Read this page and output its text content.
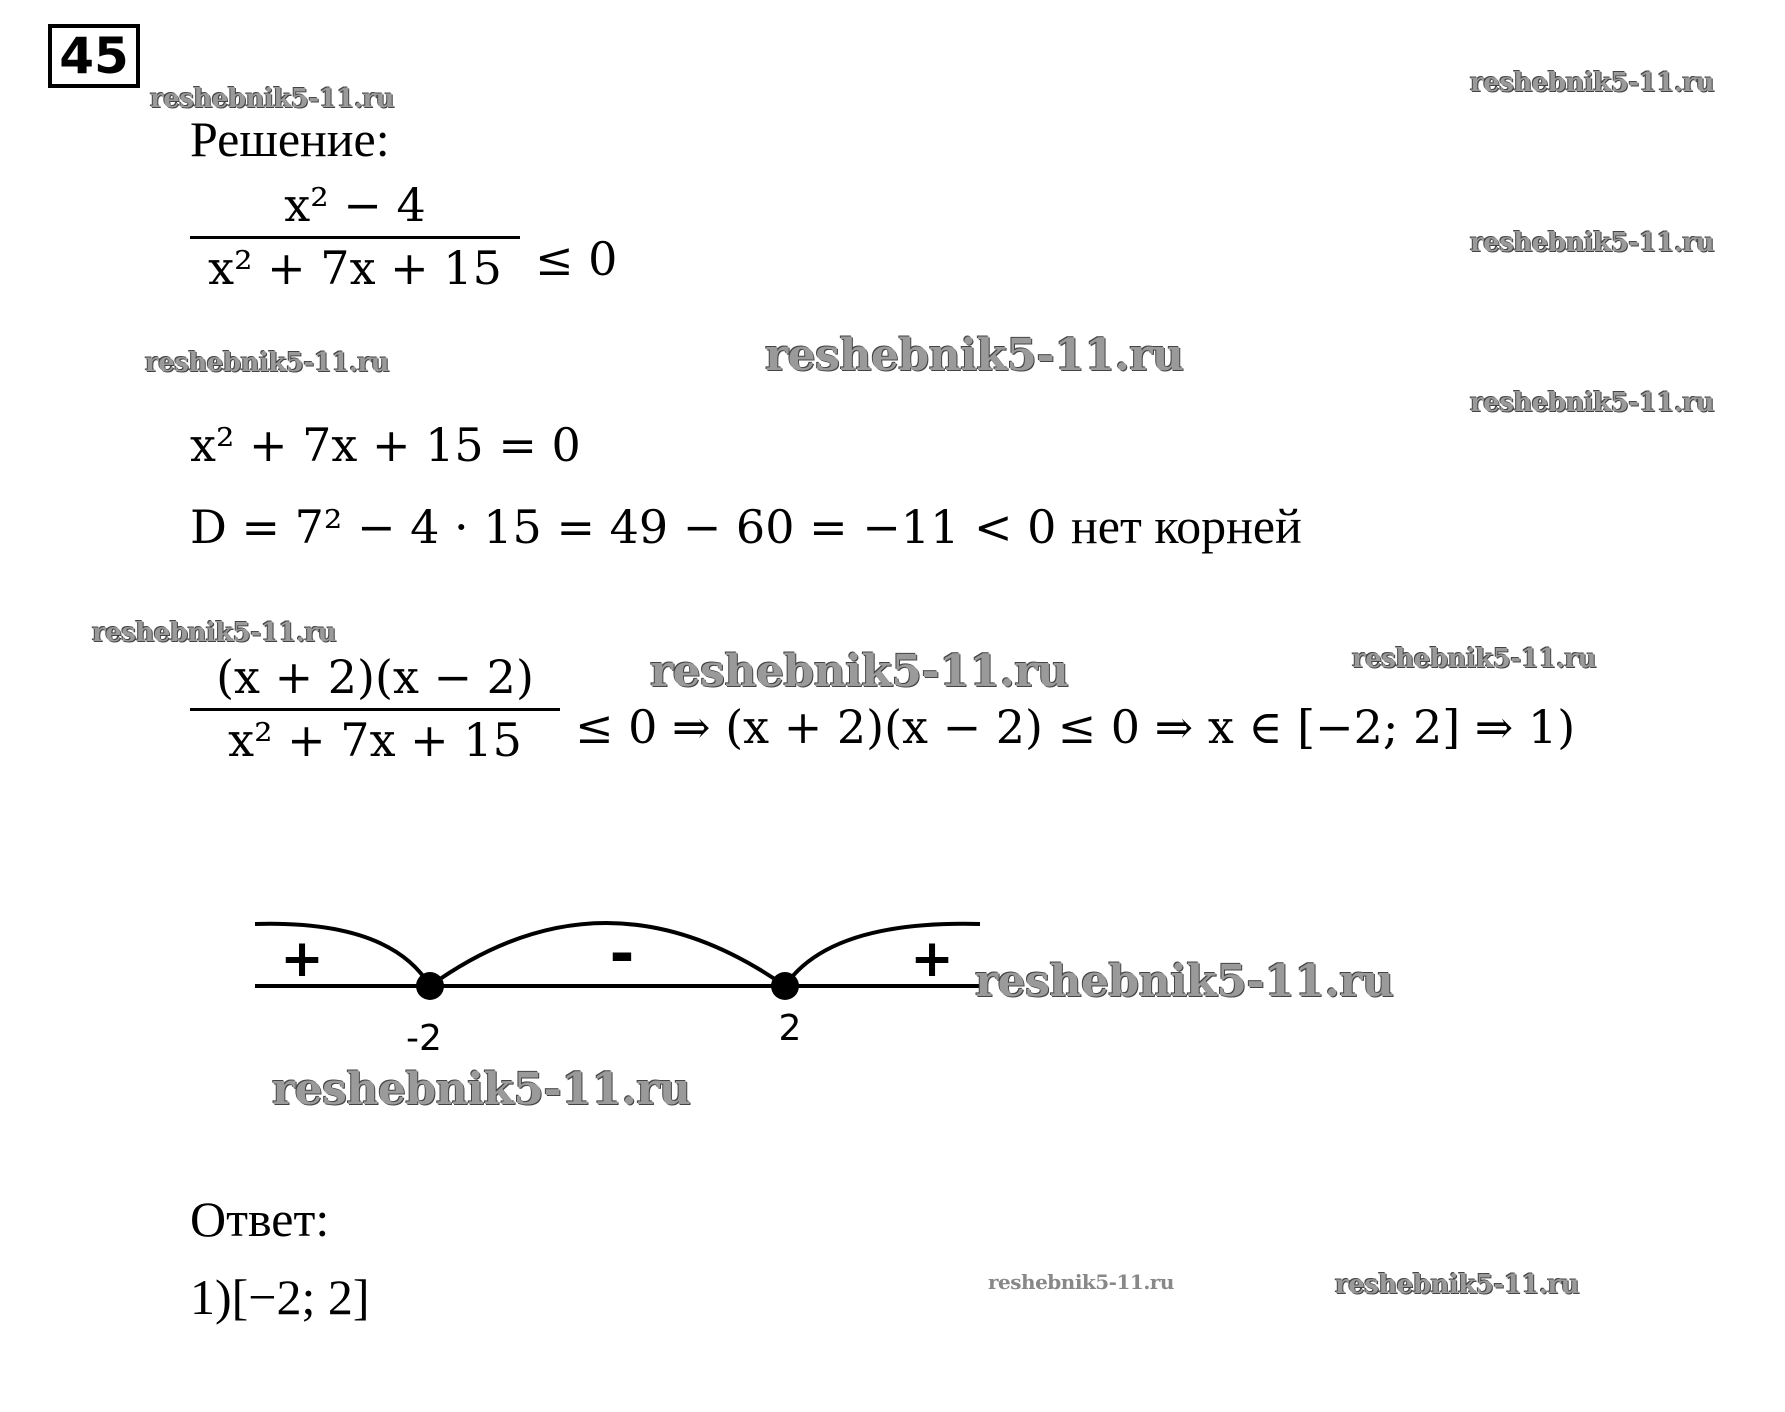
45
Решение:
x² − 4
x² + 7x + 15 ≤ 0
x² + 7x + 15 = 0
D = 7² − 4 · 15 = 49 − 60 = −11 < 0 нет корней
(x + 2)(x − 2)
x² + 7x + 15	≤ 0 ⇒ (x + 2)(x − 2) ≤ 0 ⇒ x ∈ [−2; 2] ⇒ 1)
+	-	+
-2	2
Ответ:
1)[−2; 2]
reshebnik5-11.ru
reshebnik5-11.ru
reshebnik5-11.ru
reshebnik5-11.ru	reshebnik5-11.ru
reshebnik5-11.ru
reshebnik5-11.ru
reshebnik5-11.ru	reshebnik5-11.ru
reshebnik5-11.ru
reshebnik5-11.ru
reshebnik5-11.ru	reshebnik5-11.ru
